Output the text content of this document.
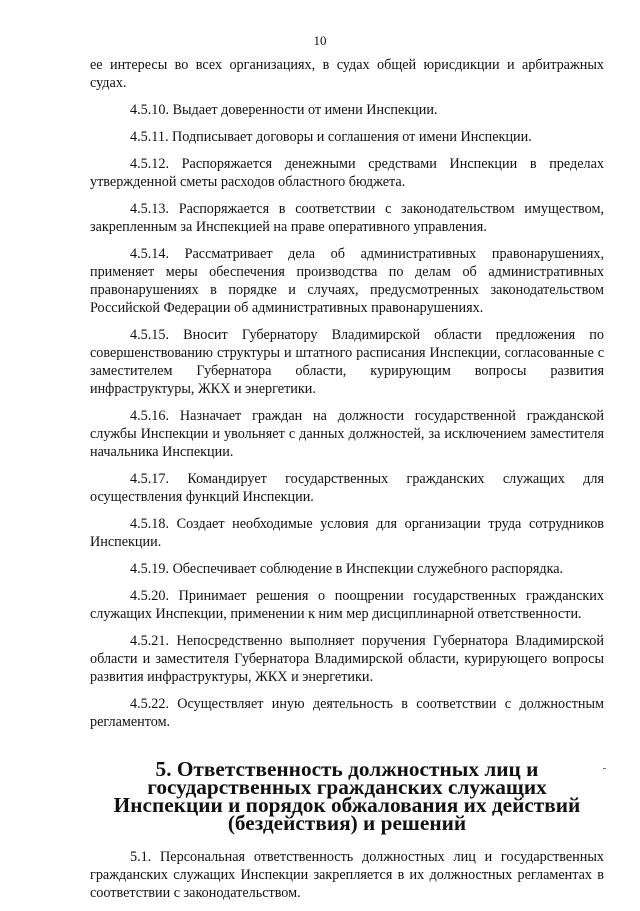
10

ее интересы во всех организациях, в судах общей юрисдикции и арбитражных судах.

4.5.10. Выдает доверенности от имени Инспекции.

4.5.11. Подписывает договоры и соглашения от имени Инспекции.

4.5.12. Распоряжается денежными средствами Инспекции в пределах утвержденной сметы расходов областного бюджета.

4.5.13. Распоряжается в соответствии с законодательством имуществом, закрепленным за Инспекцией на праве оперативного управления.

4.5.14. Рассматривает дела об административных правонарушениях, применяет меры обеспечения производства по делам об административных правонарушениях в порядке и случаях, предусмотренных законодательством Российской Федерации об административных правонарушениях.

4.5.15. Вносит Губернатору Владимирской области предложения по совершенствованию структуры и штатного расписания Инспекции, согласованные с заместителем Губернатора области, курирующим вопросы развития инфраструктуры, ЖКХ и энергетики.

4.5.16. Назначает граждан на должности государственной гражданской службы Инспекции и увольняет с данных должностей, за исключением заместителя начальника Инспекции.

4.5.17. Командирует государственных гражданских служащих для осуществления функций Инспекции.

4.5.18. Создает необходимые условия для организации труда сотрудников Инспекции.

4.5.19. Обеспечивает соблюдение в Инспекции служебного распорядка.

4.5.20. Принимает решения о поощрении государственных гражданских служащих Инспекции, применении к ним мер дисциплинарной ответственности.

4.5.21. Непосредственно выполняет поручения Губернатора Владимирской области и заместителя Губернатора Владимирской области, курирующего вопросы развития инфраструктуры, ЖКХ и энергетики.

4.5.22. Осуществляет иную деятельность в соответствии с должностным регламентом.

5. Ответственность должностных лиц и государственных гражданских служащих Инспекции и порядок обжалования их действий (бездействия) и решений

5.1. Персональная ответственность должностных лиц и государственных гражданских служащих Инспекции закрепляется в их должностных регламентах в соответствии с законодательством.
